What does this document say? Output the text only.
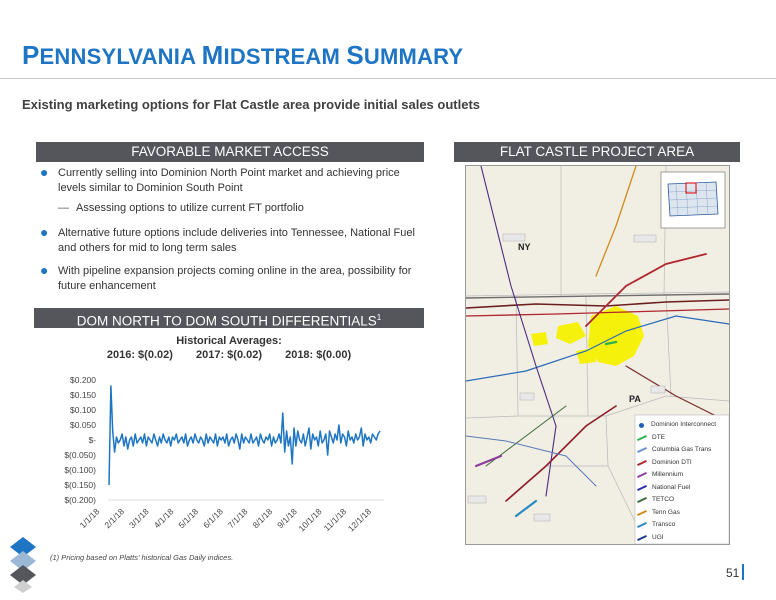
PENNSYLVANIA MIDSTREAM SUMMARY
Existing marketing options for Flat Castle area provide initial sales outlets
FAVORABLE MARKET ACCESS	FLAT CASTLE PROJECT AREA
● Currently selling into Dominion North Point market and achieving price levels similar to Dominion South Point
— Assessing options to utilize current FT portfolio
● Alternative future options include deliveries into Tennessee, National Fuel and others for mid to long term sales
● With pipeline expansion projects coming online in the area, possibility for future enhancement
DOM NORTH TO DOM SOUTH DIFFERENTIALS$^1$
Historical Averages:
2016: $(0.02) 2017: $(0.02) 2018: $(0.00)
$0.200
$0.150
$0.100
$0.050
$-
$(0.050)
$(0.100)
$(0.150)
$(0.200)
1/1/18 2/1/18 3/1/18 4/1/18 5/1/18 6/1/18 7/1/18 8/1/18 9/1/18
10/1/18
11/1/18
12/1/18
NY
PA
Dominion Interconnect
DTE
Columbia Gas Trans
Dominion DTI
Millennium
National Fuel
TETCO
Tenn Gas
Transco
UGI
(1) Pricing based on Platts' historical Gas Daily indices.
51
